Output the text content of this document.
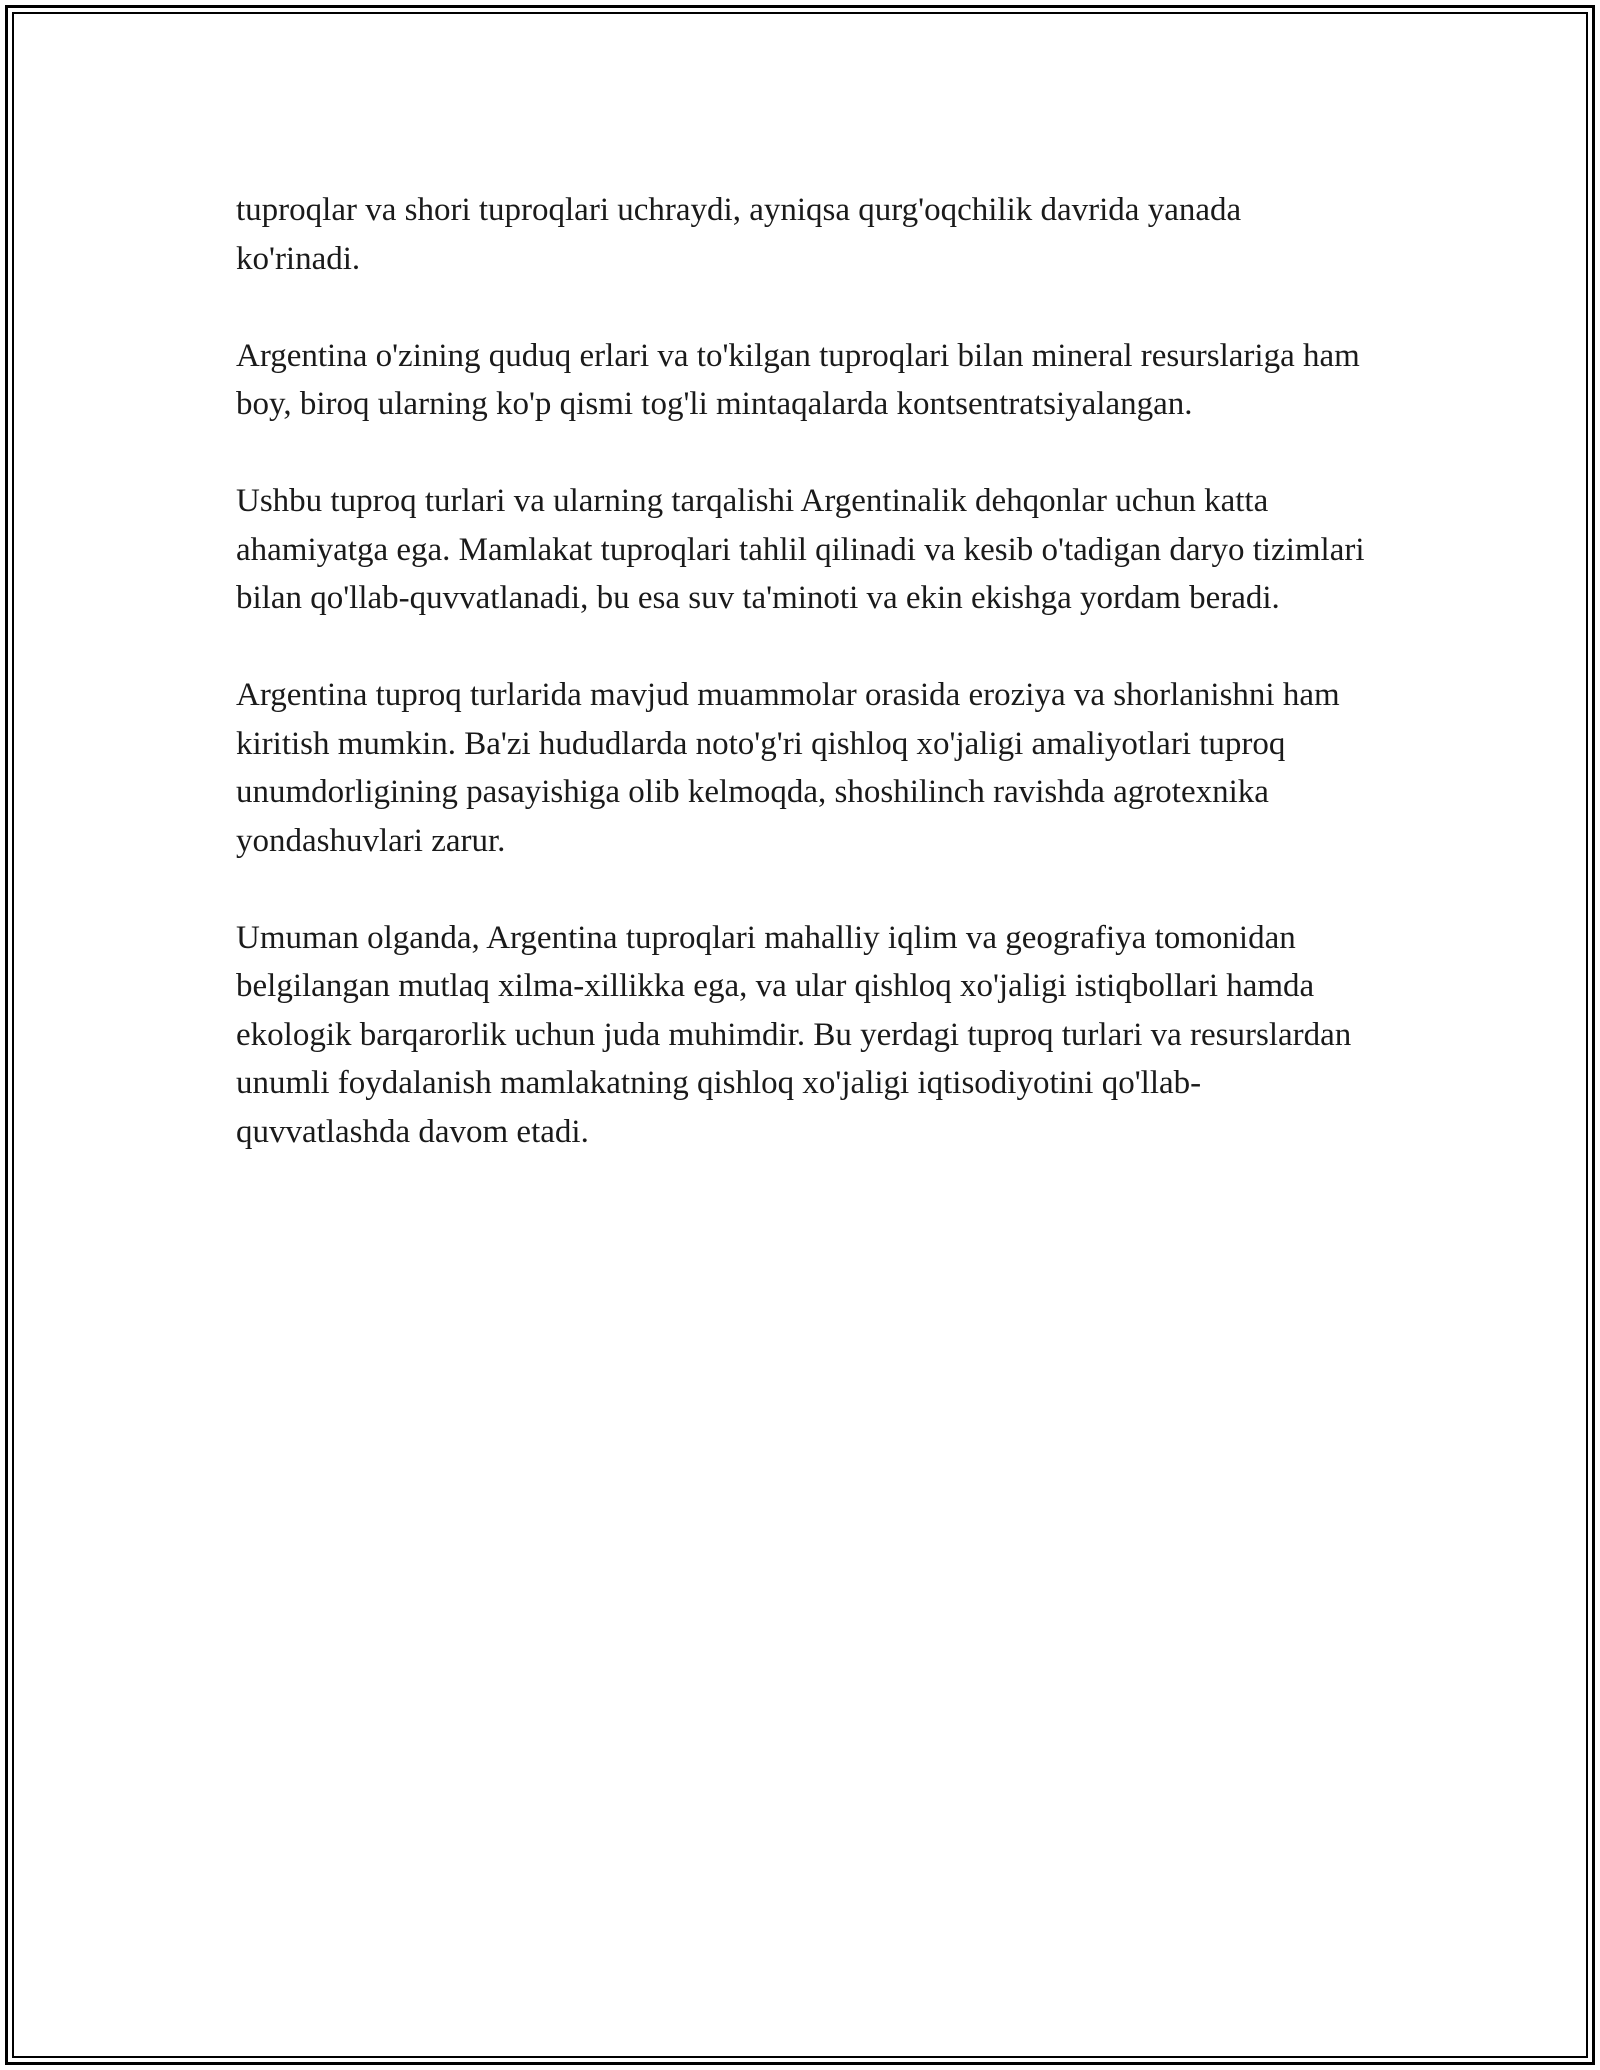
tuproqlar va shori tuproqlari uchraydi, ayniqsa qurg'oqchilik davrida yanada ko'rinadi.

Argentina o'zining quduq erlari va to'kilgan tuproqlari bilan mineral resurslariga ham boy, biroq ularning ko'p qismi tog'li mintaqalarda kontsentratsiyalangan.

Ushbu tuproq turlari va ularning tarqalishi Argentinalik dehqonlar uchun katta ahamiyatga ega. Mamlakat tuproqlari tahlil qilinadi va kesib o'tadigan daryo tizimlari bilan qo'llab-quvvatlanadi, bu esa suv ta'minoti va ekin ekishga yordam beradi.

Argentina tuproq turlarida mavjud muammolar orasida eroziya va shorlanishni ham kiritish mumkin. Ba'zi hududlarda noto'g'ri qishloq xo'jaligi amaliyotlari tuproq unumdorligining pasayishiga olib kelmoqda, shoshilinch ravishda agrotexnika yondashuvlari zarur.

Umuman olganda, Argentina tuproqlari mahalliy iqlim va geografiya tomonidan belgilangan mutlaq xilma-xillikka ega, va ular qishloq xo'jaligi istiqbollari hamda ekologik barqarorlik uchun juda muhimdir. Bu yerdagi tuproq turlari va resurslardan unumli foydalanish mamlakatning qishloq xo'jaligi iqtisodiyotini qo'llab-quvvatlashda davom etadi.
